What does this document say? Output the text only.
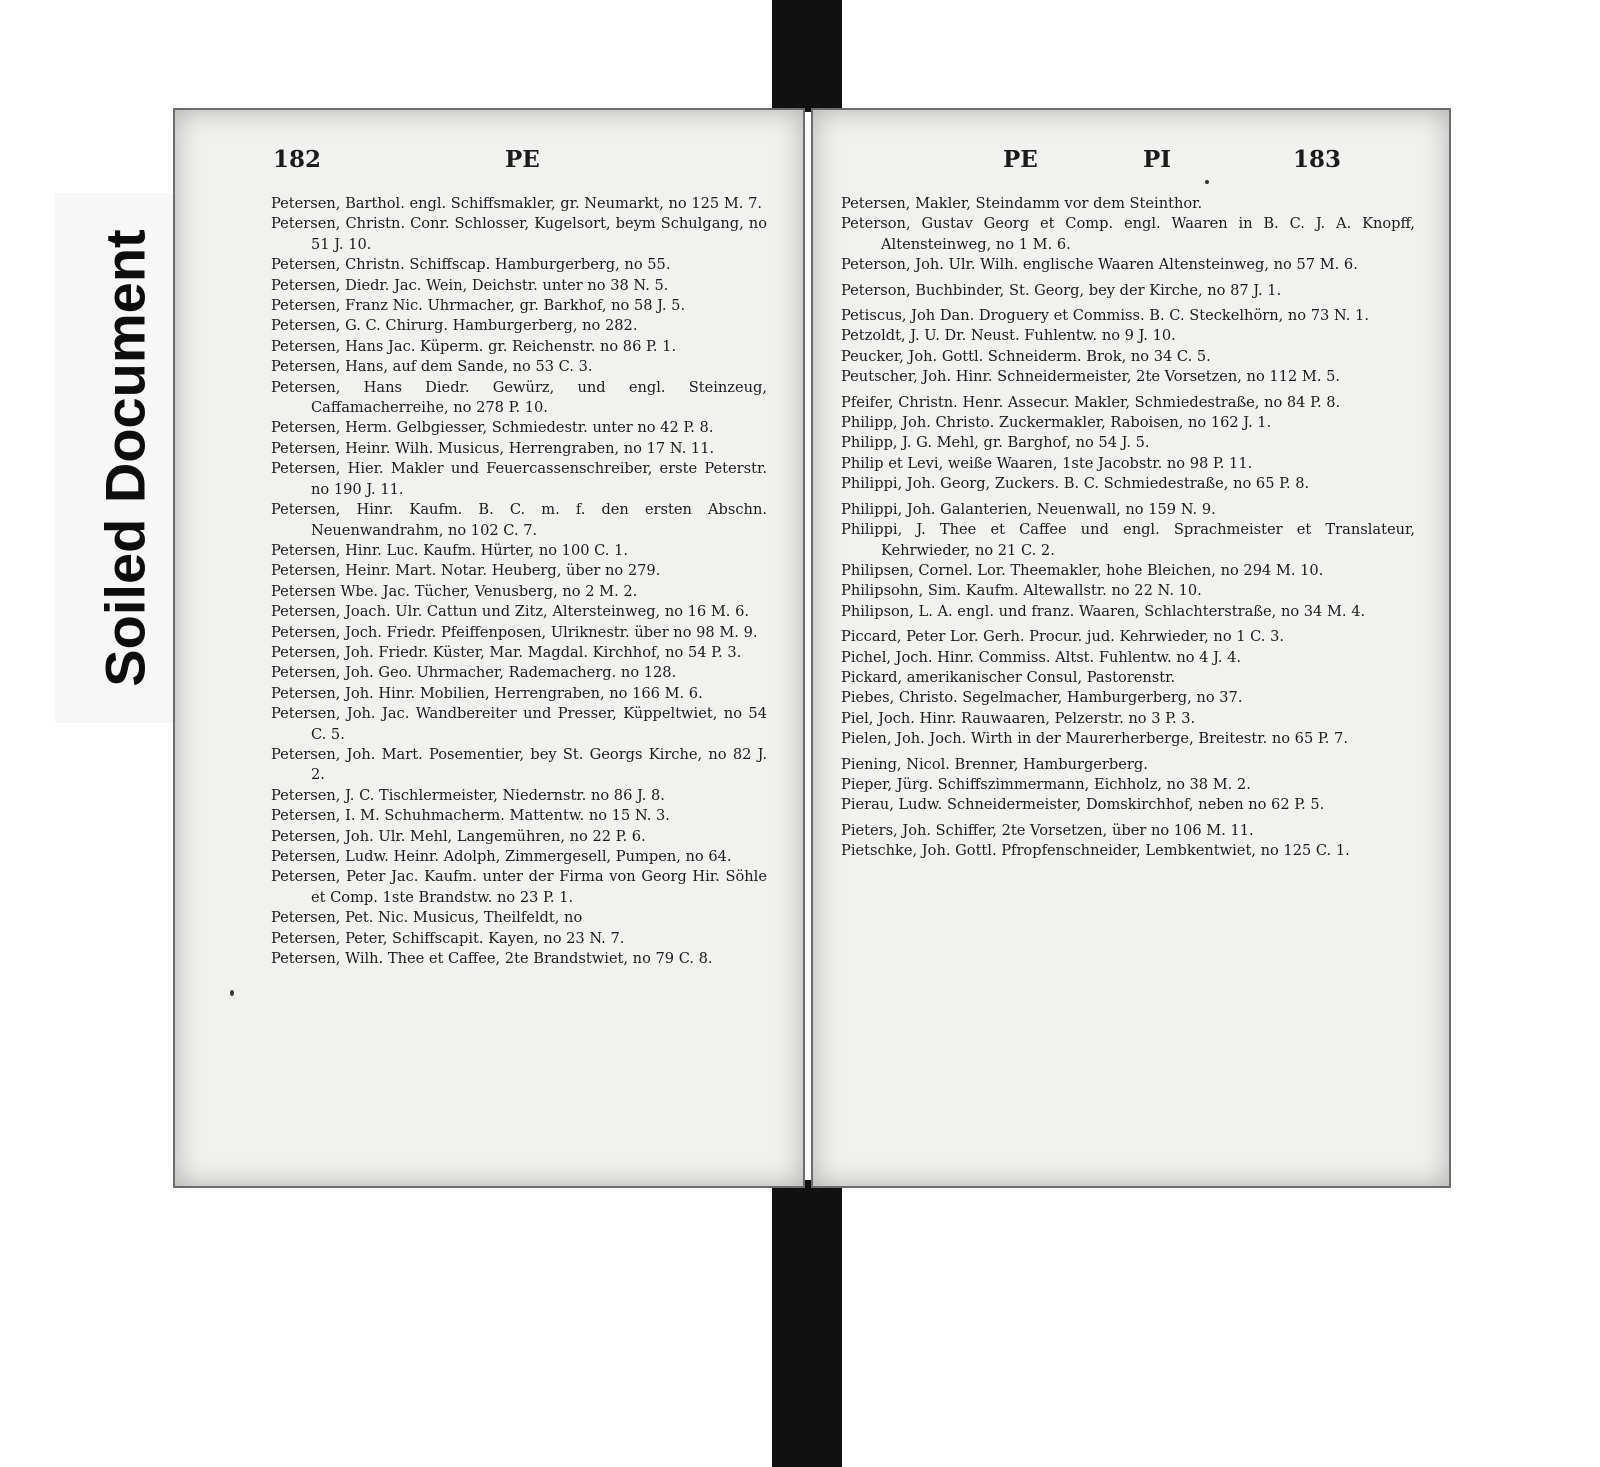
Soiled Document
182	PE
Petersen, Barthol. engl. Schiffsmakler, gr. Neumarkt, no 125 M. 7.
Petersen, Christn. Conr. Schlosser, Kugelsort, beym Schulgang, no 51 J. 10.
Petersen, Christn. Schiffscap. Hamburgerberg, no 55.
Petersen, Diedr. Jac. Wein, Deichstr. unter no 38 N. 5.
Petersen, Franz Nic. Uhrmacher, gr. Barkhof, no 58 J. 5.
Petersen, G. C. Chirurg. Hamburgerberg, no 282.
Petersen, Hans Jac. Küperm. gr. Reichenstr. no 86 P. 1.
Petersen, Hans, auf dem Sande, no 53 C. 3.
Petersen, Hans Diedr. Gewürz, und engl. Steinzeug, Caffamacherreihe, no 278 P. 10.
Petersen, Herm. Gelbgiesser, Schmiedestr. unter no 42 P. 8.
Petersen, Heinr. Wilh. Musicus, Herrengraben, no 17 N. 11.
Petersen, Hier. Makler und Feuercassenschreiber, erste Peterstr. no 190 J. 11.
Petersen, Hinr. Kaufm. B. C. m. f. den ersten Abschn. Neuenwandrahm, no 102 C. 7.
Petersen, Hinr. Luc. Kaufm. Hürter, no 100 C. 1.
Petersen, Heinr. Mart. Notar. Heuberg, über no 279.
Petersen Wbe. Jac. Tücher, Venusberg, no 2 M. 2.
Petersen, Joach. Ulr. Cattun und Zitz, Altersteinweg, no 16 M. 6.
Petersen, Joch. Friedr. Pfeiffenposen, Ulriknestr. über no 98 M. 9.
Petersen, Joh. Friedr. Küster, Mar. Magdal. Kirchhof, no 54 P. 3.
Petersen, Joh. Geo. Uhrmacher, Rademacherg. no 128.
Petersen, Joh. Hinr. Mobilien, Herrengraben, no 166 M. 6.
Petersen, Joh. Jac. Wandbereiter und Presser, Küppeltwiet, no 54 C. 5.
Petersen, Joh. Mart. Posementier, bey St. Georgs Kirche, no 82 J. 2.
Petersen, J. C. Tischlermeister, Niedernstr. no 86 J. 8.
Petersen, I. M. Schuhmacherm. Mattentw. no 15 N. 3.
Petersen, Joh. Ulr. Mehl, Langemühren, no 22 P. 6.
Petersen, Ludw. Heinr. Adolph, Zimmergesell, Pumpen, no 64.
Petersen, Peter Jac. Kaufm. unter der Firma von Georg Hir. Söhle et Comp. 1ste Brandstw. no 23 P. 1.
Petersen, Pet. Nic. Musicus, Theilfeldt, no
Petersen, Peter, Schiffscapit. Kayen, no 23 N. 7.
Petersen, Wilh. Thee et Caffee, 2te Brandstwiet, no 79 C. 8.
PE	PI	183
Petersen, Makler, Steindamm vor dem Steinthor.
Peterson, Gustav Georg et Comp. engl. Waaren in B. C. J. A. Knopff, Altensteinweg, no 1 M. 6.
Peterson, Joh. Ulr. Wilh. englische Waaren Altensteinweg, no 57 M. 6.
Peterson, Buchbinder, St. Georg, bey der Kirche, no 87 J. 1.
Petiscus, Joh Dan. Droguery et Commiss. B. C. Steckelhörn, no 73 N. 1.
Petzoldt, J. U. Dr. Neust. Fuhlentw. no 9 J. 10.
Peucker, Joh. Gottl. Schneiderm. Brok, no 34 C. 5.
Peutscher, Joh. Hinr. Schneidermeister, 2te Vorsetzen, no 112 M. 5.
Pfeifer, Christn. Henr. Assecur. Makler, Schmiedestraße, no 84 P. 8.
Philipp, Joh. Christo. Zuckermakler, Raboisen, no 162 J. 1.
Philipp, J. G. Mehl, gr. Barghof, no 54 J. 5.
Philip et Levi, weiße Waaren, 1ste Jacobstr. no 98 P. 11.
Philippi, Joh. Georg, Zuckers. B. C. Schmiedestraße, no 65 P. 8.
Philippi, Joh. Galanterien, Neuenwall, no 159 N. 9.
Philippi, J. Thee et Caffee und engl. Sprachmeister et Translateur, Kehrwieder, no 21 C. 2.
Philipsen, Cornel. Lor. Theemakler, hohe Bleichen, no 294 M. 10.
Philipsohn, Sim. Kaufm. Altewallstr. no 22 N. 10.
Philipson, L. A. engl. und franz. Waaren, Schlachterstraße, no 34 M. 4.
Piccard, Peter Lor. Gerh. Procur. jud. Kehrwieder, no 1 C. 3.
Pichel, Joch. Hinr. Commiss. Altst. Fuhlentw. no 4 J. 4.
Pickard, amerikanischer Consul, Pastorenstr.
Piebes, Christo. Segelmacher, Hamburgerberg, no 37.
Piel, Joch. Hinr. Rauwaaren, Pelzerstr. no 3 P. 3.
Pielen, Joh. Joch. Wirth in der Maurerherberge, Breitestr. no 65 P. 7.
Piening, Nicol. Brenner, Hamburgerberg.
Pieper, Jürg. Schiffszimmermann, Eichholz, no 38 M. 2.
Pierau, Ludw. Schneidermeister, Domskirchhof, neben no 62 P. 5.
Pieters, Joh. Schiffer, 2te Vorsetzen, über no 106 M. 11.
Pietschke, Joh. Gottl. Pfropfenschneider, Lembkentwiet, no 125 C. 1.
